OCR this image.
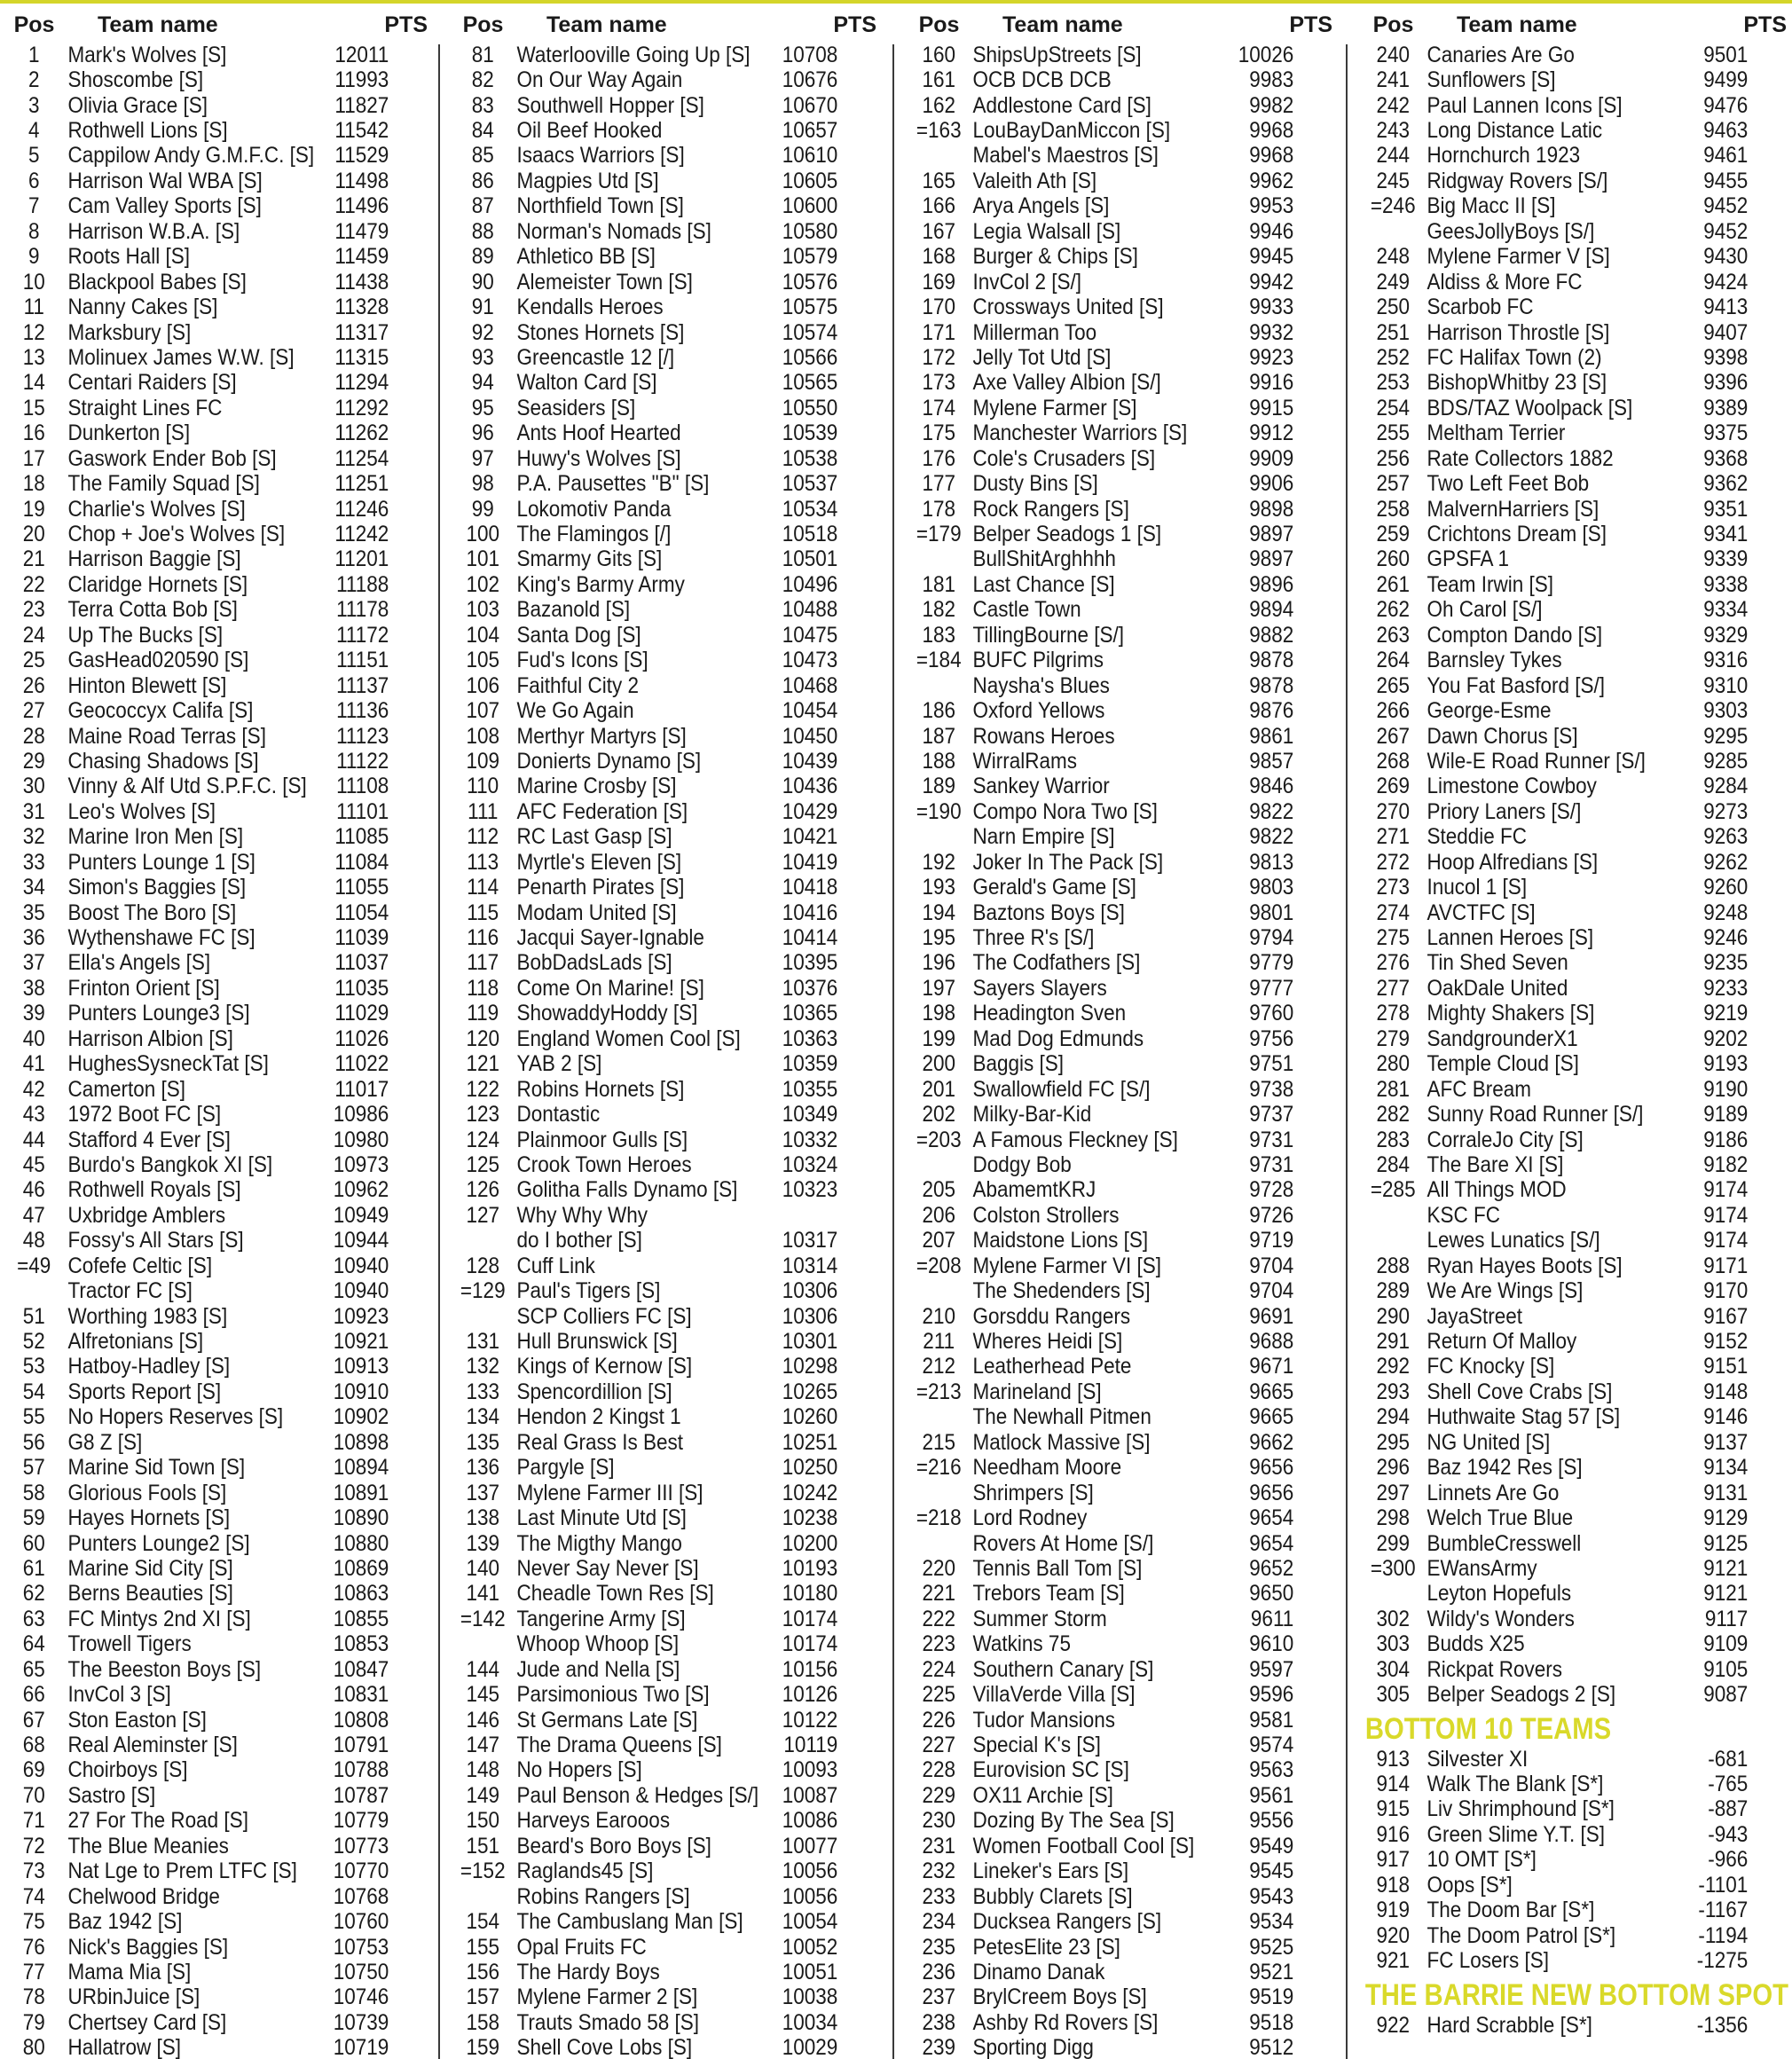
Pos	Team name	PTS
1	Mark's Wolves [S]	12011
2	Shoscombe [S]	11993
3	Olivia Grace [S]	11827
4	Rothwell Lions [S]	11542
5	Cappilow Andy G.M.F.C. [S] 11529
6	Harrison Wal WBA [S]	11498
7	Cam Valley Sports [S]	11496
8	Harrison W.B.A. [S]	11479
9	Roots Hall [S]	11459
10	Blackpool Babes [S]	11438
11	Nanny Cakes [S]	11328
12	Marksbury [S]	11317
13	Molinuex James W.W. [S]	11315
14	Centari Raiders [S]	11294
15	Straight Lines FC	11292
16	Dunkerton [S]	11262
17	Gaswork Ender Bob [S]	11254
18	The Family Squad [S]	11251
19	Charlie's Wolves [S]	11246
20	Chop + Joe's Wolves [S]	11242
21	Harrison Baggie [S]	11201
22	Claridge Hornets [S]	11188
23	Terra Cotta Bob [S]	11178
24	Up The Bucks [S]	11172
25	GasHead020590 [S]	11151
26	Hinton Blewett [S]	11137
27	Geococcyx Califa [S]	11136
28	Maine Road Terras [S]	11123
29	Chasing Shadows [S]	11122
30	Vinny & Alf Utd S.P.F.C. [S]	11108
31	Leo's Wolves [S]	11101
32	Marine Iron Men [S]	11085
33	Punters Lounge 1 [S]	11084
34	Simon's Baggies [S]	11055
35	Boost The Boro [S]	11054
36	Wythenshawe FC [S]	11039
37	Ella's Angels [S]	11037
38	Frinton Orient [S]	11035
39	Punters Lounge3 [S]	11029
40	Harrison Albion [S]	11026
41	HughesSysneckTat [S]	11022
42	Camerton [S]	11017
43	1972 Boot FC [S]	10986
44	Stafford 4 Ever [S]	10980
45	Burdo's Bangkok XI [S]	10973
46	Rothwell Royals [S]	10962
47	Uxbridge Amblers	10949
48	Fossy's All Stars [S]	10944
=49 Cofefe Celtic [S]	10940
Tractor FC [S]	10940
51	Worthing 1983 [S]	10923
52	Alfretonians [S]	10921
53	Hatboy-Hadley [S]	10913
54	Sports Report [S]	10910
55	No Hopers Reserves [S]	10902
56	G8 Z [S]	10898
57	Marine Sid Town [S]	10894
58	Glorious Fools [S]	10891
59	Hayes Hornets [S]	10890
60	Punters Lounge2 [S]	10880
61	Marine Sid City [S]	10869
62	Berns Beauties [S]	10863
63	FC Mintys 2nd XI [S]	10855
64	Trowell Tigers	10853
65	The Beeston Boys [S]	10847
66	InvCol 3 [S]	10831
67	Ston Easton [S]	10808
68	Real Aleminster [S]	10791
69	Choirboys [S]	10788
70	Sastro [S]	10787
71	27 For The Road [S]	10779
72	The Blue Meanies	10773
73	Nat Lge to Prem LTFC [S]	10770
74	Chelwood Bridge	10768
75	Baz 1942 [S]	10760
76	Nick's Baggies [S]	10753
77	Mama Mia [S]	10750
78	URbinJuice [S]	10746
79	Chertsey Card [S]	10739
80	Hallatrow [S]	10719
Pos	Team name	PTS
81	Waterlooville Going Up [S]	10708
82	On Our Way Again	10676
83	Southwell Hopper [S]	10670
84	Oil Beef Hooked	10657
85	Isaacs Warriors [S]	10610
86	Magpies Utd [S]	10605
87	Northfield Town [S]	10600
88	Norman's Nomads [S]	10580
89	Athletico BB [S]	10579
90	Alemeister Town [S]	10576
91	Kendalls Heroes	10575
92	Stones Hornets [S]	10574
93	Greencastle 12 [/]	10566
94	Walton Card [S]	10565
95	Seasiders [S]	10550
96	Ants Hoof Hearted	10539
97	Huwy's Wolves [S]	10538
98	P.A. Pausettes "B" [S]	10537
99	Lokomotiv Panda	10534
100 The Flamingos [/]	10518
101 Smarmy Gits [S]	10501
102 King's Barmy Army	10496
103 Bazanold [S]	10488
104 Santa Dog [S]	10475
105 Fud's Icons [S]	10473
106 Faithful City 2	10468
107 We Go Again	10454
108 Merthyr Martyrs [S]	10450
109 Donierts Dynamo [S]	10439
110 Marine Crosby [S]	10436
111 AFC Federation [S]	10429
112 RC Last Gasp [S]	10421
113 Myrtle's Eleven [S]	10419
114 Penarth Pirates [S]	10418
115 Modam United [S]	10416
116 Jacqui Sayer-Ignable	10414
117 BobDadsLads [S]	10395
118 Come On Marine! [S]	10376
119 ShowaddyHoddy [S]	10365
120 England Women Cool [S]	10363
121 YAB 2 [S]	10359
122 Robins Hornets [S]	10355
123 Dontastic	10349
124 Plainmoor Gulls [S]	10332
125 Crook Town Heroes	10324
126 Golitha Falls Dynamo [S]	10323
127 Why Why Why
do I bother [S]	10317
128 Cuff Link	10314
=129 Paul's Tigers [S]	10306
SCP Colliers FC [S]	10306
131 Hull Brunswick [S]	10301
132 Kings of Kernow [S]	10298
133 Spencordillion [S]	10265
134 Hendon 2 Kingst 1	10260
135 Real Grass Is Best	10251
136 Pargyle [S]	10250
137 Mylene Farmer III [S]	10242
138 Last Minute Utd [S]	10238
139 The Migthy Mango	10200
140 Never Say Never [S]	10193
141 Cheadle Town Res [S]	10180
=142 Tangerine Army [S]	10174
Whoop Whoop [S]	10174
144 Jude and Nella [S]	10156
145 Parsimonious Two [S]	10126
146 St Germans Late [S]	10122
147 The Drama Queens [S]	10119
148 No Hopers [S]	10093
149 Paul Benson & Hedges [S/]	10087
150 Harveys Earooos	10086
151 Beard's Boro Boys [S]	10077
=152 Raglands45 [S]	10056
Robins Rangers [S]	10056
154 The Cambuslang Man [S]	10054
155 Opal Fruits FC	10052
156 The Hardy Boys	10051
157 Mylene Farmer 2 [S]	10038
158 Trauts Smado 58 [S]	10034
159 Shell Cove Lobs [S]	10029
Pos	Team name	PTS
160 ShipsUpStreets [S]	10026
161 OCB DCB DCB	9983
162 Addlestone Card [S]	9982
=163 LouBayDanMiccon [S]	9968
Mabel's Maestros [S]	9968
165 Valeith Ath [S]	9962
166 Arya Angels [S]	9953
167 Legia Walsall [S]	9946
168 Burger & Chips [S]	9945
169 InvCol 2 [S/]	9942
170 Crossways United [S]	9933
171 Millerman Too	9932
172 Jelly Tot Utd [S]	9923
173 Axe Valley Albion [S/]	9916
174 Mylene Farmer [S]	9915
175 Manchester Warriors [S]	9912
176 Cole's Crusaders [S]	9909
177 Dusty Bins [S]	9906
178 Rock Rangers [S]	9898
=179 Belper Seadogs 1 [S]	9897
BullShitArghhhh	9897
181 Last Chance [S]	9896
182 Castle Town	9894
183 TillingBourne [S/]	9882
=184 BUFC Pilgrims	9878
Naysha's Blues	9878
186 Oxford Yellows	9876
187 Rowans Heroes	9861
188 WirralRams	9857
189 Sankey Warrior	9846
=190 Compo Nora Two [S]	9822
Narn Empire [S]	9822
192 Joker In The Pack [S]	9813
193 Gerald's Game [S]	9803
194 Baztons Boys [S]	9801
195 Three R's [S/]	9794
196 The Codfathers [S]	9779
197 Sayers Slayers	9777
198 Headington Sven	9760
199 Mad Dog Edmunds	9756
200 Baggis [S]	9751
201 Swallowfield FC [S/]	9738
202 Milky-Bar-Kid	9737
=203 A Famous Fleckney [S]	9731
Dodgy Bob	9731
205 AbamemtKRJ	9728
206 Colston Strollers	9726
207 Maidstone Lions [S]	9719
=208 Mylene Farmer VI [S]	9704
The Shedenders [S]	9704
210 Gorsddu Rangers	9691
211 Wheres Heidi [S]	9688
212 Leatherhead Pete	9671
=213 Marineland [S]	9665
The Newhall Pitmen	9665
215 Matlock Massive [S]	9662
=216 Needham Moore	9656
Shrimpers [S]	9656
=218 Lord Rodney	9654
Rovers At Home [S/]	9654
220 Tennis Ball Tom [S]	9652
221 Trebors Team [S]	9650
222 Summer Storm	9611
223 Watkins 75	9610
224 Southern Canary [S]	9597
225 VillaVerde Villa [S]	9596
226 Tudor Mansions	9581
227 Special K's [S]	9574
228 Eurovision SC [S]	9563
229 OX11 Archie [S]	9561
230 Dozing By The Sea [S]	9556
231 Women Football Cool [S]	9549
232 Lineker's Ears [S]	9545
233 Bubbly Clarets [S]	9543
234 Ducksea Rangers [S]	9534
235 PetesElite 23 [S]	9525
236 Dinamo Danak	9521
237 BrylCreem Boys [S]	9519
238 Ashby Rd Rovers [S]	9518
239 Sporting Digg	9512
Pos	Team name	PTS
240 Canaries Are Go	9501
241 Sunflowers [S]	9499
242 Paul Lannen Icons [S]	9476
243 Long Distance Latic	9463
244 Hornchurch 1923	9461
245 Ridgway Rovers [S/]	9455
=246 Big Macc II [S]	9452
GeesJollyBoys [S/]	9452
248 Mylene Farmer V [S]	9430
249 Aldiss & More FC	9424
250 Scarbob FC	9413
251 Harrison Throstle [S]	9407
252 FC Halifax Town (2)	9398
253 BishopWhitby 23 [S]	9396
254 BDS/TAZ Woolpack [S]	9389
255 Meltham Terrier	9375
256 Rate Collectors 1882	9368
257 Two Left Feet Bob	9362
258 MalvernHarriers [S]	9351
259 Crichtons Dream [S]	9341
260 GPSFA 1	9339
261 Team Irwin [S]	9338
262 Oh Carol [S/]	9334
263 Compton Dando [S]	9329
264 Barnsley Tykes	9316
265 You Fat Basford [S/]	9310
266 George-Esme	9303
267 Dawn Chorus [S]	9295
268 Wile-E Road Runner [S/]	9285
269 Limestone Cowboy	9284
270 Priory Laners [S/]	9273
271 Steddie FC	9263
272 Hoop Alfredians [S]	9262
273 Inucol 1 [S]	9260
274 AVCTFC [S]	9248
275 Lannen Heroes [S]	9246
276 Tin Shed Seven	9235
277 OakDale United	9233
278 Mighty Shakers [S]	9219
279 SandgrounderX1	9202
280 Temple Cloud [S]	9193
281 AFC Bream	9190
282 Sunny Road Runner [S/]	9189
283 CorraleJo City [S]	9186
284 The Bare XI [S]	9182
=285 All Things MOD	9174
KSC FC	9174
Lewes Lunatics [S/]	9174
288 Ryan Hayes Boots [S]	9171
289 We Are Wings [S]	9170
290 JayaStreet	9167
291 Return Of Malloy	9152
292 FC Knocky [S]	9151
293 Shell Cove Crabs [S]	9148
294 Huthwaite Stag 57 [S]	9146
295 NG United [S]	9137
296 Baz 1942 Res [S]	9134
297 Linnets Are Go	9131
298 Welch True Blue	9129
299 BumbleCresswell	9125
=300 EWansArmy	9121
Leyton Hopefuls	9121
302 Wildy's Wonders	9117
303 Budds X25	9109
304 Rickpat Rovers	9105
305 Belper Seadogs 2 [S]	9087
BOTTOM 10 TEAMS
913 Silvester XI	-681
914 Walk The Blank [S*]	-765
915 Liv Shrimphound [S*]	-887
916 Green Slime Y.T. [S]	-943
917 10 OMT [S*]	-966
918 Oops [S*]	-1101
919 The Doom Bar [S*]	-1167
920 The Doom Patrol [S*]	-1194
921 FC Losers [S]	-1275
THE BARRIE NEW BOTTOM SPOT
922 Hard Scrabble [S*]	-1356
